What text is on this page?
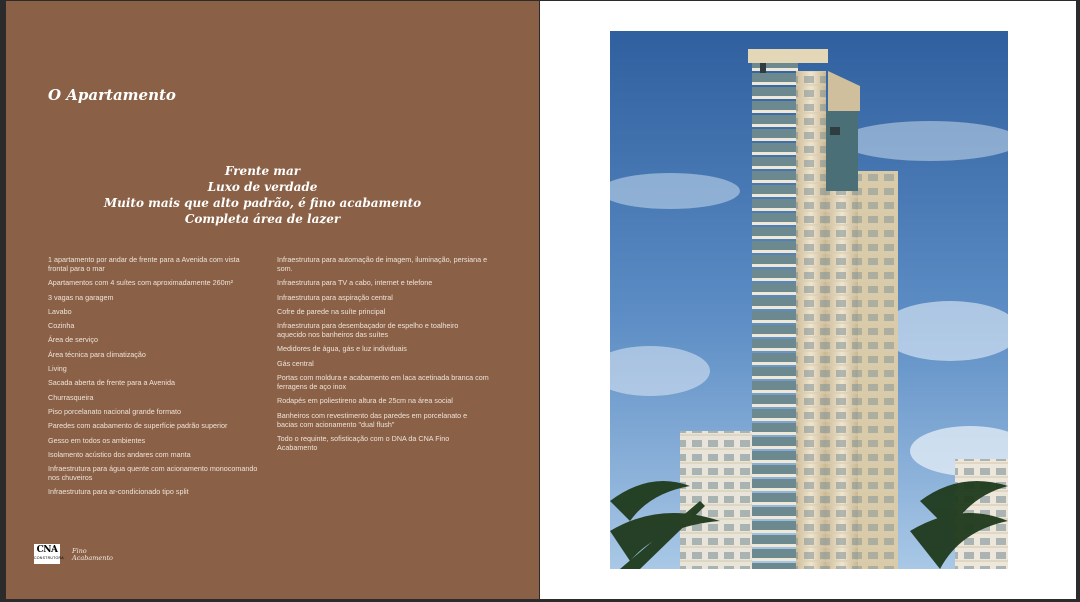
O Apartamento
Frente mar
Luxo de verdade
Muito mais que alto padrão, é fino acabamento
Completa área de lazer

1 apartamento por andar de frente para a Avenida com vista frontal para o mar

Apartamentos com 4 suítes com aproximadamente 260m²

3 vagas na garagem

Lavabo

Cozinha

Área de serviço

Área técnica para climatização

Living

Sacada aberta de frente para a Avenida

Churrasqueira

Piso porcelanato nacional grande formato

Paredes com acabamento de superfície padrão superior

Gesso em todos os ambientes

Isolamento acústico dos andares com manta

Infraestrutura para água quente com acionamento monocomando nos chuveiros

Infraestrutura para ar-condicionado tipo split

Infraestrutura para automação de imagem, iluminação, persiana e som.

Infraestrutura para TV a cabo, internet e telefone

Infraestrutura para aspiração central

Cofre de parede na suíte principal

Infraestrutura para desembaçador de espelho e toalheiro aquecido nos banheiros das suítes

Medidores de água, gás e luz individuais

Gás central

Portas com moldura e acabamento em laca acetinada branca com ferragens de aço inox

Rodapés em poliestireno altura de 25cm na área social

Banheiros com revestimento das paredes em porcelanato e bacias com acionamento "dual flush"

Todo o requinte, sofisticação com o DNA da CNA Fino Acabamento

CNA
CONSTRUTORA
Fino
Acabamento
